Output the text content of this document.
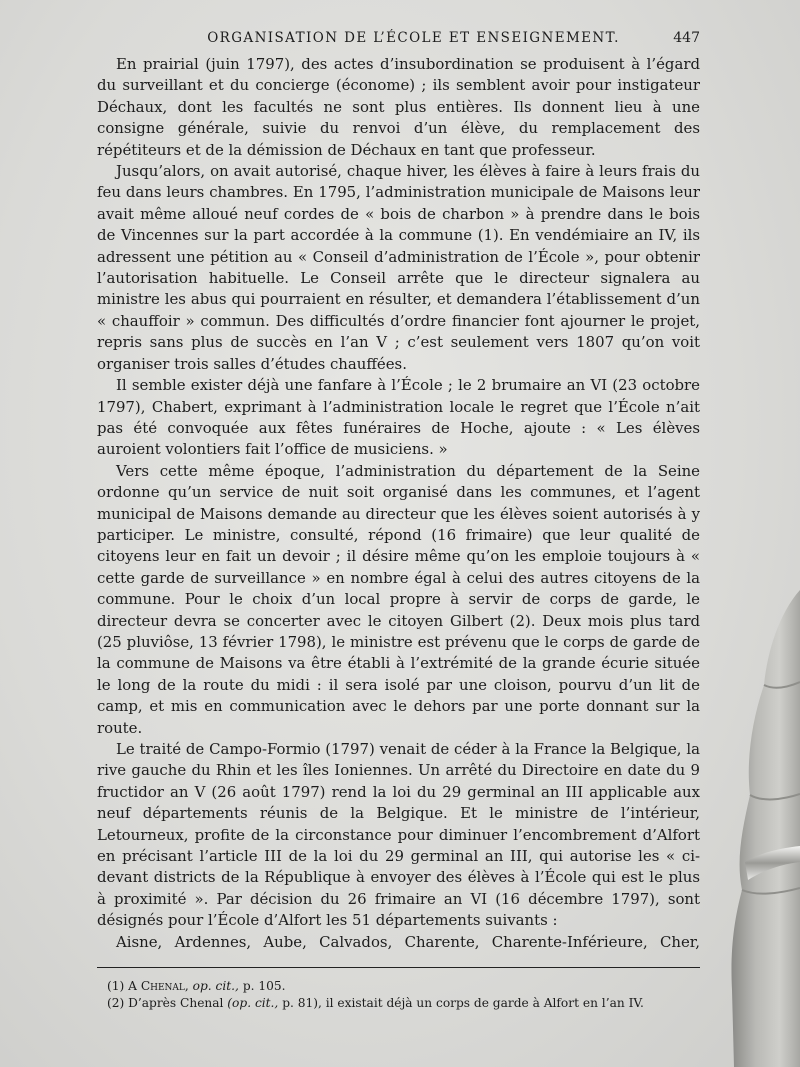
ORGANISATION DE L’ÉCOLE ET ENSEIGNEMENT.	447

En prairial (juin 1797), des actes d’insubordination se produisent à l’égard du surveillant et du concierge (économe) ; ils semblent avoir pour instigateur Déchaux, dont les facultés ne sont plus entières. Ils donnent lieu à une consigne générale, suivie du renvoi d’un élève, du remplacement des répétiteurs et de la démission de Déchaux en tant que professeur.

Jusqu’alors, on avait autorisé, chaque hiver, les élèves à faire à leurs frais du feu dans leurs chambres. En 1795, l’administration municipale de Maisons leur avait même alloué neuf cordes de « bois de charbon » à prendre dans le bois de Vincennes sur la part accordée à la commune (1). En vendémiaire an IV, ils adressent une pétition au « Conseil d’administration de l’École », pour obtenir l’autorisation habituelle. Le Conseil arrête que le directeur signalera au ministre les abus qui pourraient en résulter, et demandera l’établissement d’un « chauffoir » commun. Des difficultés d’ordre financier font ajourner le projet, repris sans plus de succès en l’an V ; c’est seulement vers 1807 qu’on voit organiser trois salles d’études chauffées.

Il semble exister déjà une fanfare à l’École ; le 2 brumaire an VI (23 octobre 1797), Chabert, exprimant à l’administration locale le regret que l’École n’ait pas été convoquée aux fêtes funéraires de Hoche, ajoute : « Les élèves auroient volontiers fait l’office de musiciens. »

Vers cette même époque, l’administration du département de la Seine ordonne qu’un service de nuit soit organisé dans les communes, et l’agent municipal de Maisons demande au directeur que les élèves soient autorisés à y participer. Le ministre, consulté, répond (16 frimaire) que leur qualité de citoyens leur en fait un devoir ; il désire même qu’on les emploie toujours à « cette garde de surveillance » en nombre égal à celui des autres citoyens de la commune. Pour le choix d’un local propre à servir de corps de garde, le directeur devra se concerter avec le citoyen Gilbert (2). Deux mois plus tard (25 pluviôse, 13 février 1798), le ministre est prévenu que le corps de garde de la commune de Maisons va être établi à l’extrémité de la grande écurie située le long de la route du midi : il sera isolé par une cloison, pourvu d’un lit de camp, et mis en communication avec le dehors par une porte donnant sur la route.

Le traité de Campo-Formio (1797) venait de céder à la France la Belgique, la rive gauche du Rhin et les îles Ioniennes. Un arrêté du Directoire en date du 9 fructidor an V (26 août 1797) rend la loi du 29 germinal an III applicable aux neuf départements réunis de la Belgique. Et le ministre de l’intérieur, Letourneux, profite de la circonstance pour diminuer l’encombrement d’Alfort en précisant l’article III de la loi du 29 germinal an III, qui autorise les « ci-devant districts de la République à envoyer des élèves à l’École qui est le plus à proximité ». Par décision du 26 frimaire an VI (16 décembre 1797), sont désignés pour l’École d’Alfort les 51 départements suivants :

Aisne, Ardennes, Aube, Calvados, Charente, Charente-Inférieure, Cher,

(1) A Chenal, op. cit., p. 105.

(2) D’après Chenal (op. cit., p. 81), il existait déjà un corps de garde à Alfort en l’an IV.
